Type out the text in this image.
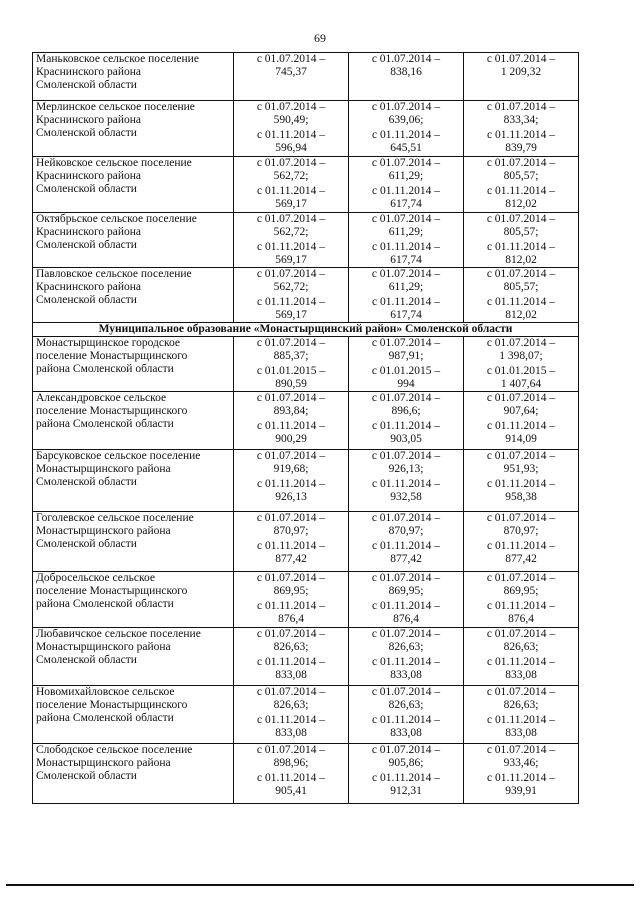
69
Маньковское сельское поселение
Краснинского района
Смоленской области	с 01.07.2014 –
745,37	с 01.07.2014 –
838,16	с 01.07.2014 –
1 209,32

Мерлинское сельское поселение
Краснинского района
Смоленской области	с 01.07.2014 –
590,49;
с 01.11.2014 –
596,94	с 01.07.2014 –
639,06;
с 01.11.2014 –
645,51	с 01.07.2014 –
833,34;
с 01.11.2014 –
839,79

Нейковское сельское поселение
Краснинского района
Смоленской области	с 01.07.2014 –
562,72;
с 01.11.2014 –
569,17	с 01.07.2014 –
611,29;
с 01.11.2014 –
617,74	с 01.07.2014 –
805,57;
с 01.11.2014 –
812,02

Октябрьское сельское поселение
Краснинского района
Смоленской области	с 01.07.2014 –
562,72;
с 01.11.2014 –
569,17	с 01.07.2014 –
611,29;
с 01.11.2014 –
617,74	с 01.07.2014 –
805,57;
с 01.11.2014 –
812,02

Павловское сельское поселение
Краснинского района
Смоленской области	с 01.07.2014 –
562,72;
с 01.11.2014 –
569,17	с 01.07.2014 –
611,29;
с 01.11.2014 –
617,74	с 01.07.2014 –
805,57;
с 01.11.2014 –
812,02

Муниципальное образование «Монастырщинский район» Смоленской области			

Монастырщинское городское
поселение Монастырщинского
района Смоленской области	с 01.07.2014 –
885,37;
с 01.01.2015 –
890,59	с 01.07.2014 –
987,91;
с 01.01.2015 –
994	с 01.07.2014 –
1 398,07;
с 01.01.2015 –
1 407,64

Александровское сельское
поселение Монастырщинского
района Смоленской области	с 01.07.2014 –
893,84;
с 01.11.2014 –
900,29	с 01.07.2014 –
896,6;
с 01.11.2014 –
903,05	с 01.07.2014 –
907,64;
с 01.11.2014 –
914,09

Барсуковское сельское поселение
Монастырщинского района
Смоленской области	с 01.07.2014 –
919,68;
с 01.11.2014 –
926,13	с 01.07.2014 –
926,13;
с 01.11.2014 –
932,58	с 01.07.2014 –
951,93;
с 01.11.2014 –
958,38

Гоголевское сельское поселение
Монастырщинского района
Смоленской области	с 01.07.2014 –
870,97;
с 01.11.2014 –
877,42	с 01.07.2014 –
870,97;
с 01.11.2014 –
877,42	с 01.07.2014 –
870,97;
с 01.11.2014 –
877,42

Добросельское сельское
поселение Монастырщинского
района Смоленской области	с 01.07.2014 –
869,95;
с 01.11.2014 –
876,4	с 01.07.2014 –
869,95;
с 01.11.2014 –
876,4	с 01.07.2014 –
869,95;
с 01.11.2014 –
876,4

Любавичское сельское поселение
Монастырщинского района
Смоленской области	с 01.07.2014 –
826,63;
с 01.11.2014 –
833,08	с 01.07.2014 –
826,63;
с 01.11.2014 –
833,08	с 01.07.2014 –
826,63;
с 01.11.2014 –
833,08

Новомихайловское сельское
поселение Монастырщинского
района Смоленской области	с 01.07.2014 –
826,63;
с 01.11.2014 –
833,08	с 01.07.2014 –
826,63;
с 01.11.2014 –
833,08	с 01.07.2014 –
826,63;
с 01.11.2014 –
833,08

Слободское сельское поселение
Монастырщинского района
Смоленской области	с 01.07.2014 –
898,96;
с 01.11.2014 –
905,41	с 01.07.2014 –
905,86;
с 01.11.2014 –
912,31	с 01.07.2014 –
933,46;
с 01.11.2014 –
939,91
